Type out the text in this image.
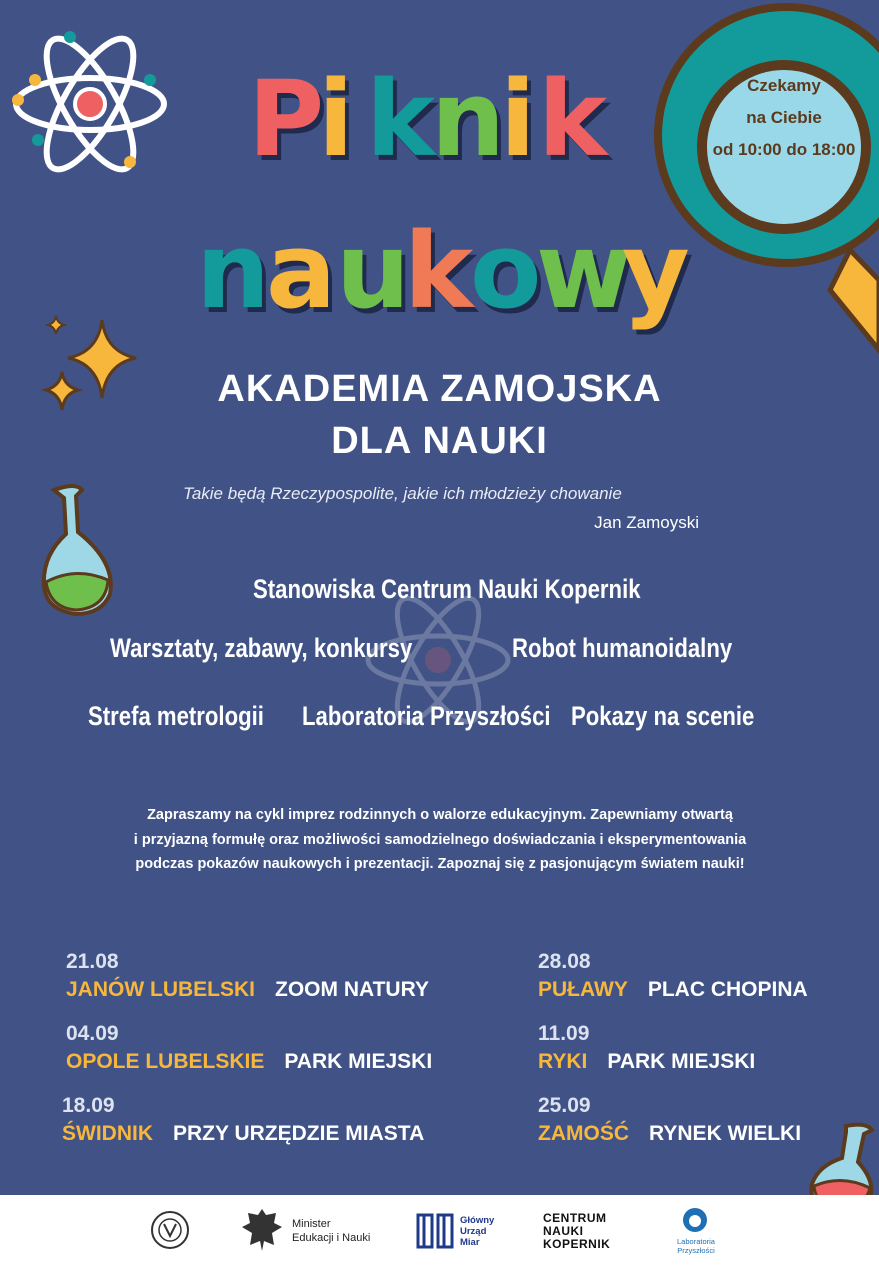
Czekamy
na Ciebie
od 10:00 do 18:00
P
i k
n
i k
n
a u
k
o
w
y
AKADEMIA ZAMOJSKA
DLA NAUKI
Takie będą Rzeczypospolite, jakie ich młodzieży chowanie
Jan Zamoyski
Stanowiska Centrum Nauki Kopernik
Warsztaty, zabawy, konkursy	Robot humanoidalny
Strefa metrologii Laboratoria Przyszłości Pokazy na scenie
Zapraszamy na cykl imprez rodzinnych o walorze edukacyjnym. Zapewniamy otwartą
i przyjazną formułę oraz możliwości samodzielnego doświadczania i eksperymentowania
podczas pokazów naukowych i prezentacji. Zapoznaj się z pasjonującym światem nauki!
21.08
JANÓW LUBELSKI ZOOM NATURY
28.08
PUŁAWY PLAC CHOPINA
04.09
OPOLE LUBELSKIE PARK MIEJSKI
11.09
RYKI PARK MIEJSKI
18.09
ŚWIDNIK PRZY URZĘDZIE MIASTA
25.09
ZAMOŚĆ RYNEK WIELKI
Minister
Edukacji i Nauki
Główny
Urząd
Miar
CENTRUM
NAUKI
KOPERNIK	Laboratoria
Przyszłości
